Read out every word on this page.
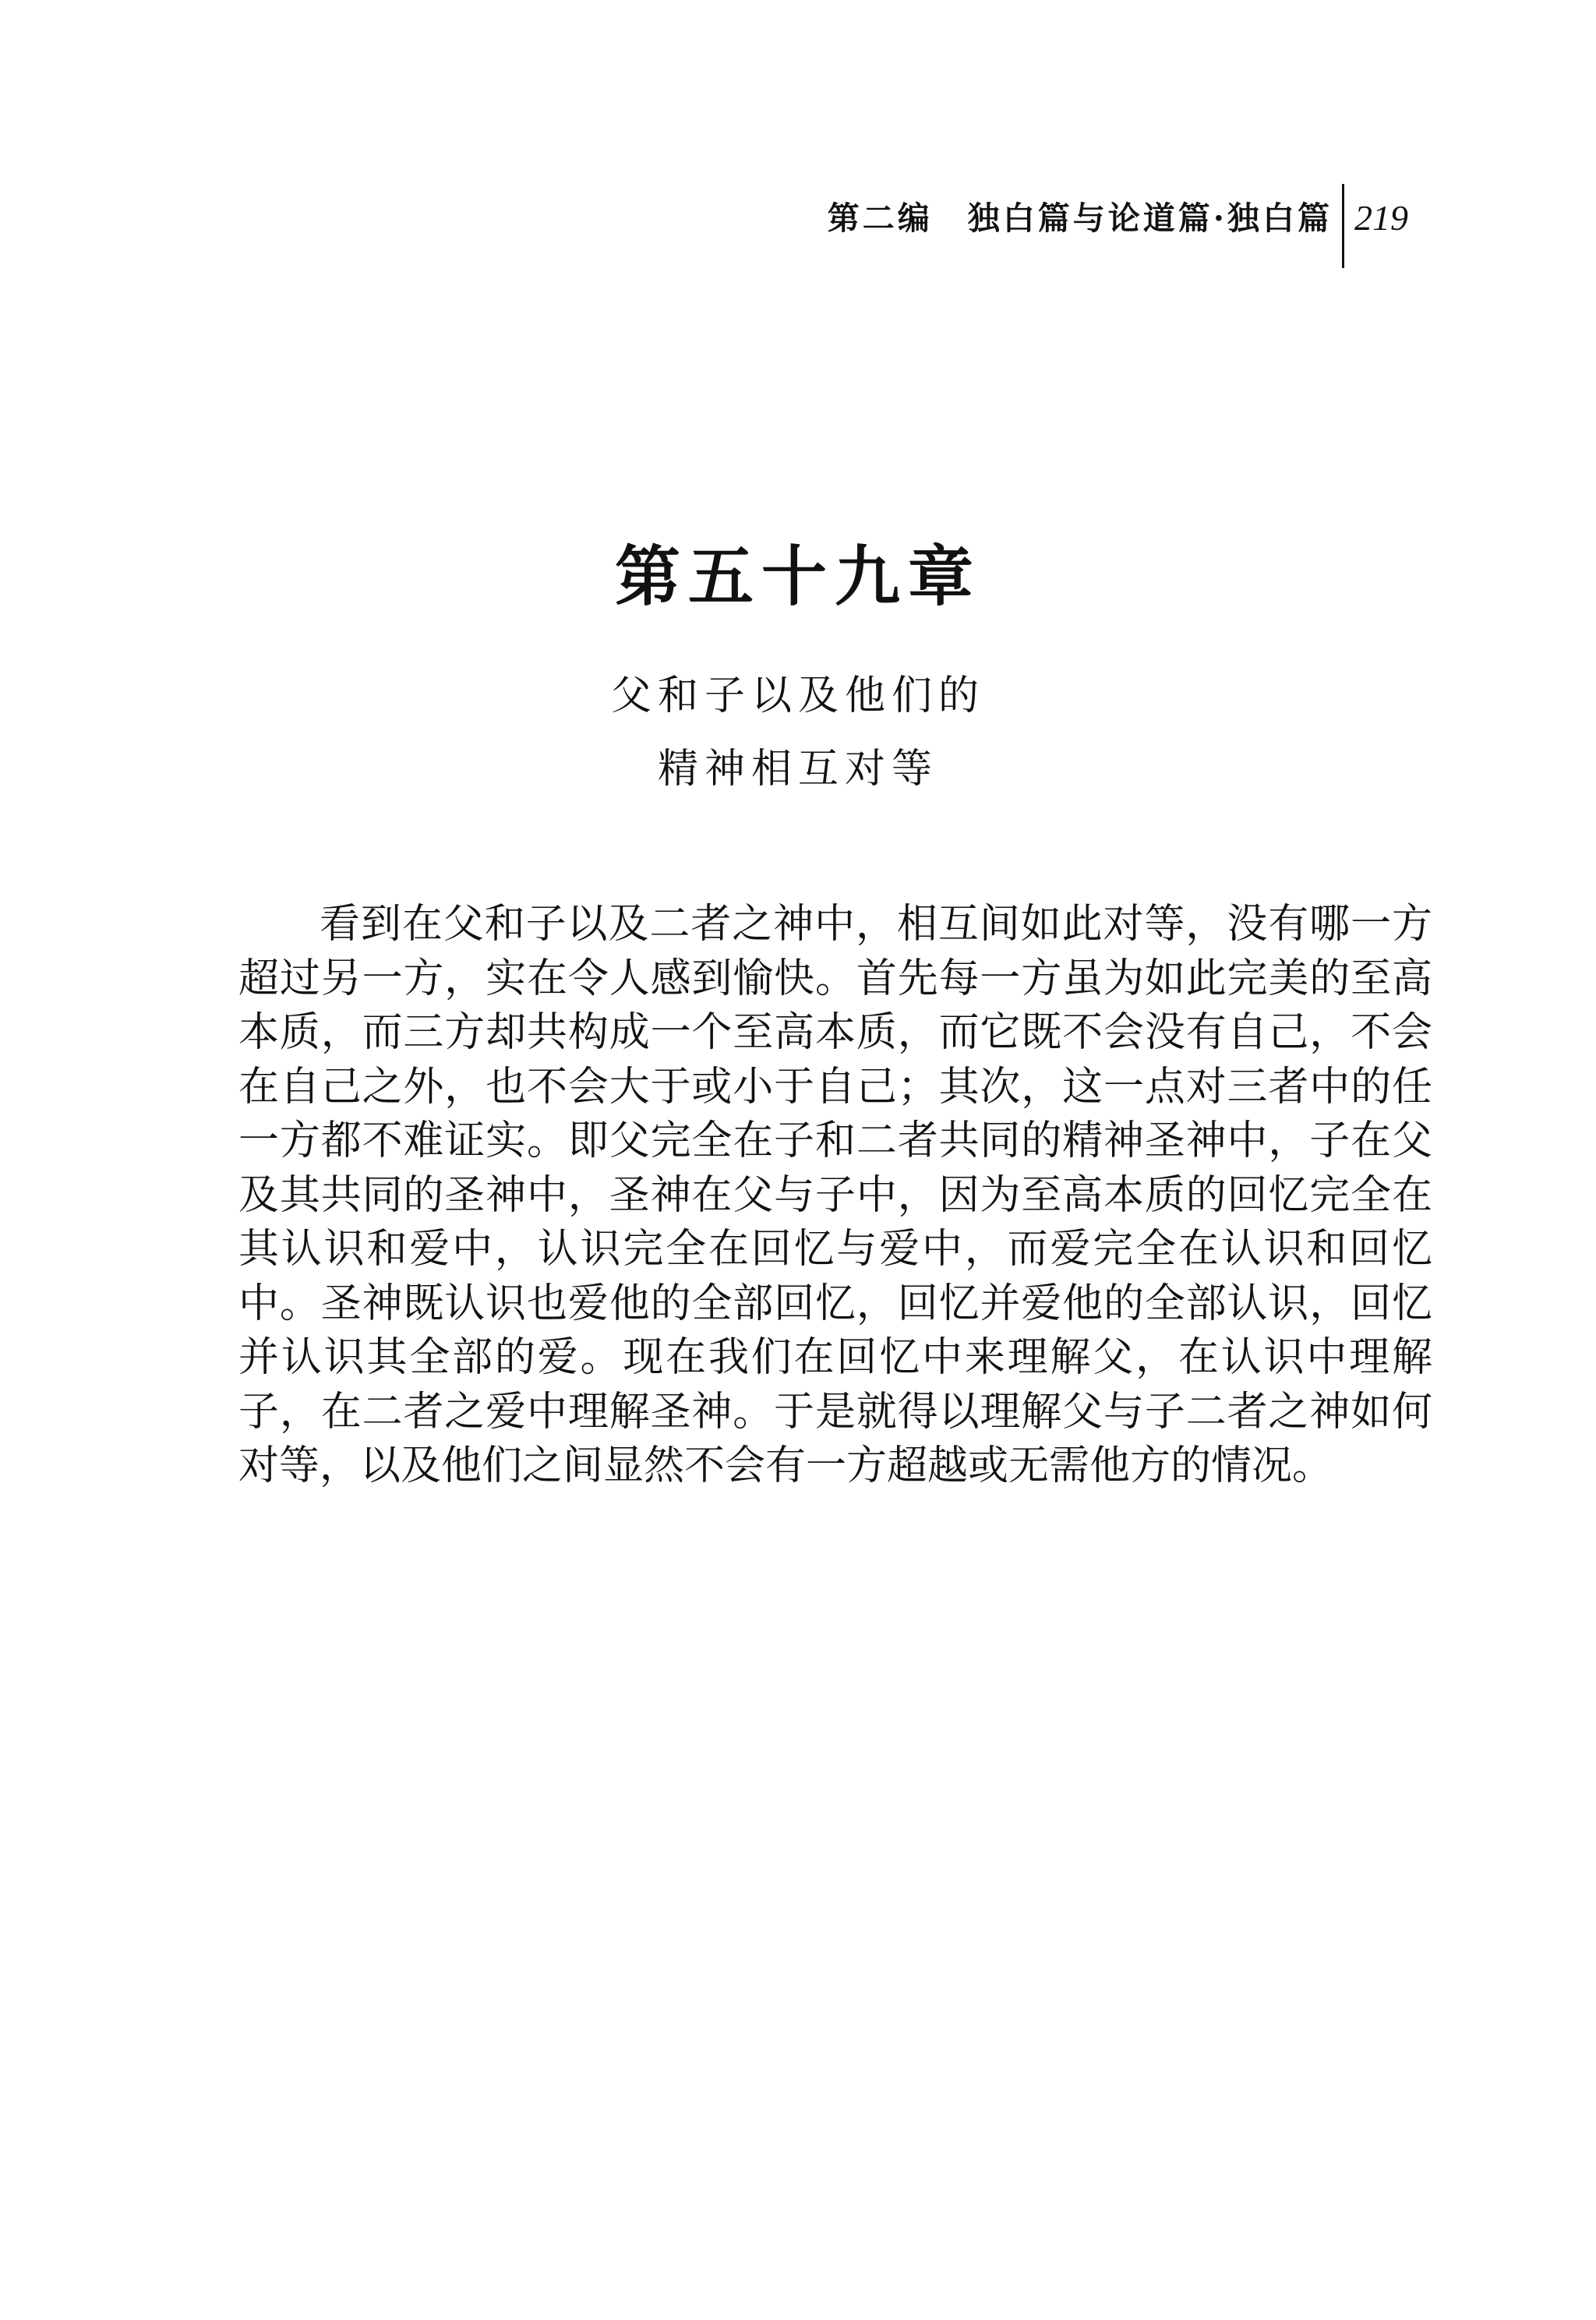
第二编　独白篇与论道篇·独白篇 219
第五十九章
父和子以及他们的
精神相互对等

看到在父和子以及二者之神中，相互间如此对等，没有哪一方超过另一方，实在令人感到愉快。首先每一方虽为如此完美的至高本质，而三方却共构成一个至高本质，而它既不会没有自己，不会在自己之外，也不会大于或小于自己；其次，这一点对三者中的任一方都不难证实。即父完全在子和二者共同的精神圣神中，子在父及其共同的圣神中，圣神在父与子中，因为至高本质的回忆完全在其认识和爱中，认识完全在回忆与爱中，而爱完全在认识和回忆中。圣神既认识也爱他的全部回忆，回忆并爱他的全部认识，回忆并认识其全部的爱。现在我们在回忆中来理解父，在认识中理解子，在二者之爱中理解圣神。于是就得以理解父与子二者之神如何对等，以及他们之间显然不会有一方超越或无需他方的情况。
